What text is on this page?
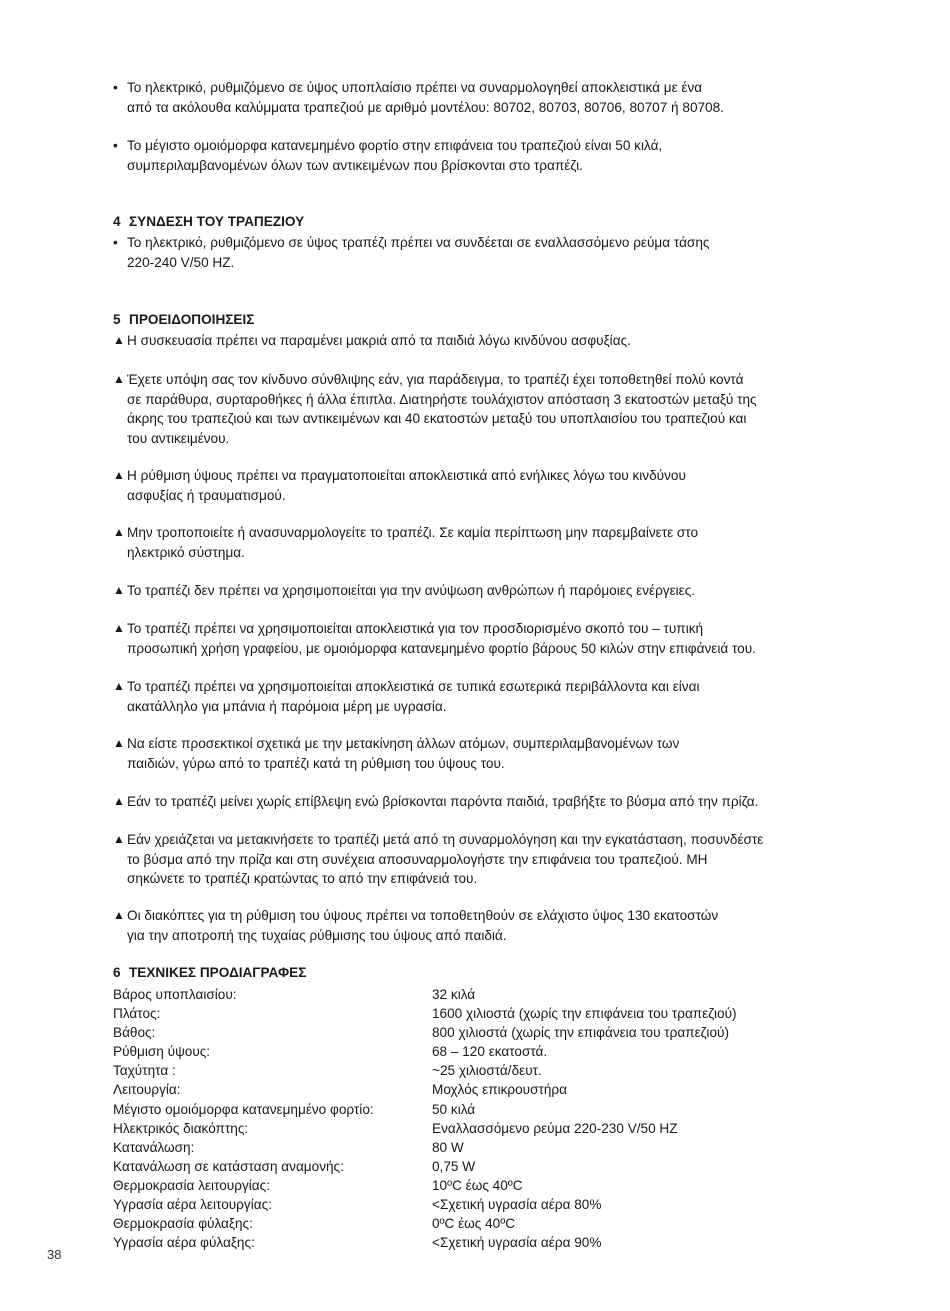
• Το ηλεκτρικό, ρυθμιζόμενο σε ύψος υποπλαίσιο πρέπει να συναρμολογηθεί αποκλειστικά με ένα
από τα ακόλουθα καλύμματα τραπεζιού με αριθμό μοντέλου: 80702, 80703, 80706, 80707 ή 80708.
• Το μέγιστο ομοιόμορφα κατανεμημένο φορτίο στην επιφάνεια του τραπεζιού είναι 50 κιλά,
συμπεριλαμβανομένων όλων των αντικειμένων που βρίσκονται στο τραπέζι.
4 ΣΥΝΔΕΣΗ ΤΟΥ ΤΡΑΠΕΖΙΟΥ
• Το ηλεκτρικό, ρυθμιζόμενο σε ύψος τραπέζι πρέπει να συνδέεται σε εναλλασσόμενο ρεύμα τάσης
220-240 V/50 HZ.
5 ΠΡΟΕΙΔΟΠΟΙΗΣΕΙΣ
▲ Η συσκευασία πρέπει να παραμένει μακριά από τα παιδιά λόγω κινδύνου ασφυξίας.
▲ Έχετε υπόψη σας τον κίνδυνο σύνθλιψης εάν, για παράδειγμα, το τραπέζι έχει τοποθετηθεί πολύ κοντά
σε παράθυρα, συρταροθήκες ή άλλα έπιπλα. Διατηρήστε τουλάχιστον απόσταση 3 εκατοστών μεταξύ της
άκρης του τραπεζιού και των αντικειμένων και 40 εκατοστών μεταξύ του υποπλαισίου του τραπεζιού και
του αντικειμένου.
▲ Η ρύθμιση ύψους πρέπει να πραγματοποιείται αποκλειστικά από ενήλικες λόγω του κινδύνου
ασφυξίας ή τραυματισμού.
▲ Μην τροποποιείτε ή ανασυναρμολογείτε το τραπέζι. Σε καμία περίπτωση μην παρεμβαίνετε στο
ηλεκτρικό σύστημα.
▲ Το τραπέζι δεν πρέπει να χρησιμοποιείται για την ανύψωση ανθρώπων ή παρόμοιες ενέργειες.
▲ Το τραπέζι πρέπει να χρησιμοποιείται αποκλειστικά για τον προσδιορισμένο σκοπό του – τυπική
προσωπική χρήση γραφείου, με ομοιόμορφα κατανεμημένο φορτίο βάρους 50 κιλών στην επιφάνειά του.
▲ Το τραπέζι πρέπει να χρησιμοποιείται αποκλειστικά σε τυπικά εσωτερικά περιβάλλοντα και είναι
ακατάλληλο για μπάνια ή παρόμοια μέρη με υγρασία.
▲ Να είστε προσεκτικοί σχετικά με την μετακίνηση άλλων ατόμων, συμπεριλαμβανομένων των
παιδιών, γύρω από το τραπέζι κατά τη ρύθμιση του ύψους του.
▲ Εάν το τραπέζι μείνει χωρίς επίβλεψη ενώ βρίσκονται παρόντα παιδιά, τραβήξτε το βύσμα από την πρίζα.
▲ Εάν χρειάζεται να μετακινήσετε το τραπέζι μετά από τη συναρμολόγηση και την εγκατάσταση, ποσυνδέστε
το βύσμα από την πρίζα και στη συνέχεια αποσυναρμολογήστε την επιφάνεια του τραπεζιού. ΜΗ
σηκώνετε το τραπέζι κρατώντας το από την επιφάνειά του.
▲ Οι διακόπτες για τη ρύθμιση του ύψους πρέπει να τοποθετηθούν σε ελάχιστο ύψος 130 εκατοστών
για την αποτροπή της τυχαίας ρύθμισης του ύψους από παιδιά.
6 ΤΕΧΝΙΚΕΣ ΠΡΟΔΙΑΓΡΑΦΕΣ
Βάρος υποπλαισίου:	32 κιλά
Πλάτος:	1600 χιλιοστά (χωρίς την επιφάνεια του τραπεζιού)
Βάθος:	800 χιλιοστά (χωρίς την επιφάνεια του τραπεζιού)
Ρύθμιση ύψους:	68 – 120 εκατοστά.
Ταχύτητα :	~25 χιλιοστά/δευτ.
Λειτουργία:	Μοχλός επικρουστήρα
Μέγιστο ομοιόμορφα κατανεμημένο φορτίο:	50 κιλά
Ηλεκτρικός διακόπτης:	Εναλλασσόμενο ρεύμα 220-230 V/50 HZ
Κατανάλωση:	80 W
Κατανάλωση σε κατάσταση αναμονής:	0,75 W
Θερμοκρασία λειτουργίας:	10ºC έως 40ºC
Υγρασία αέρα λειτουργίας:	<Σχετική υγρασία αέρα 80%
Θερμοκρασία φύλαξης:	0ºC έως 40ºC
Υγρασία αέρα φύλαξης:	<Σχετική υγρασία αέρα 90%
38
